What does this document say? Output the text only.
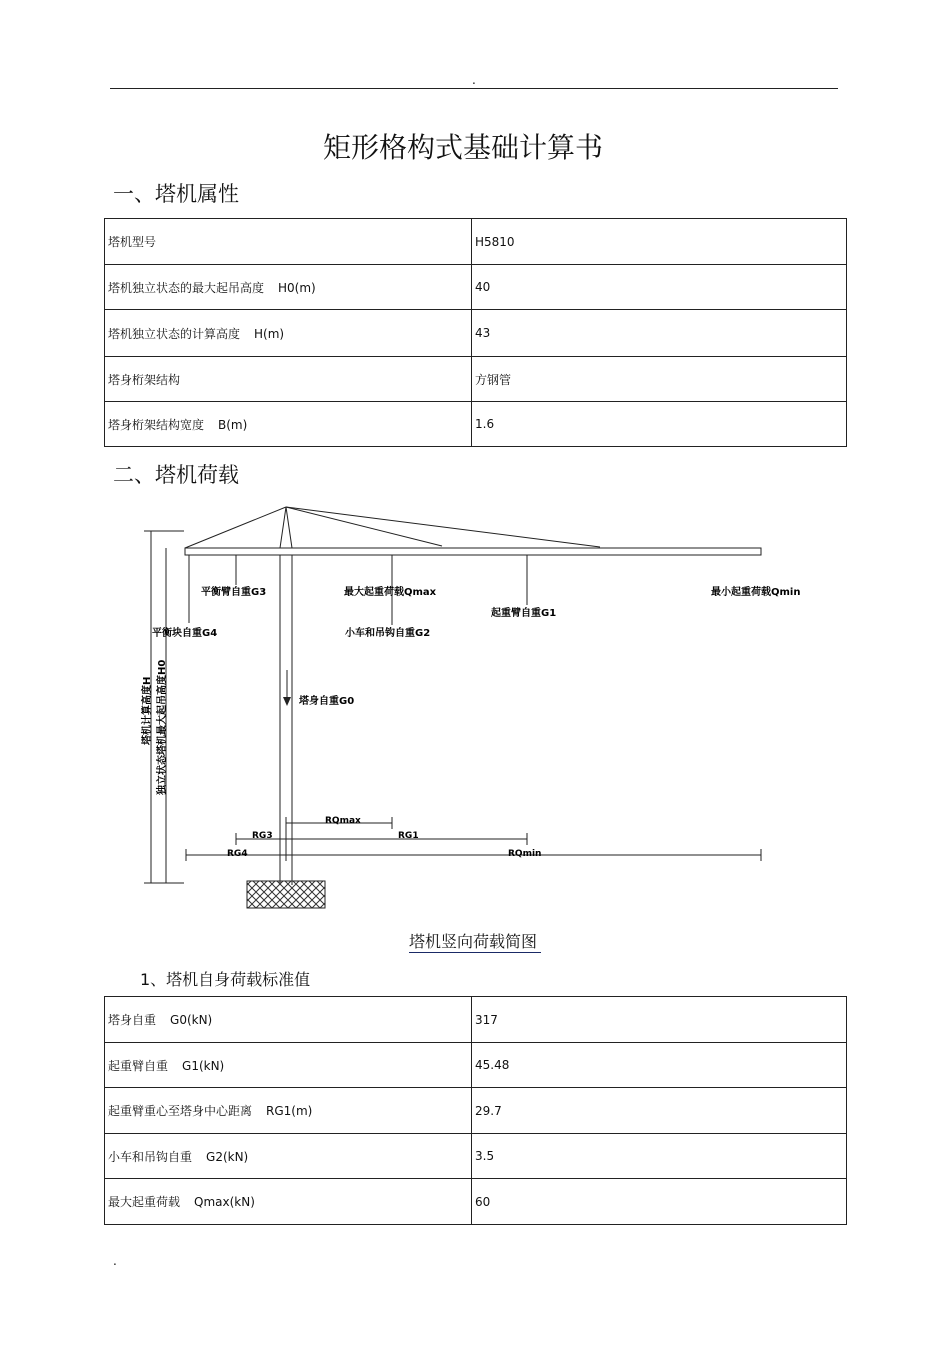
.
矩形格构式基础计算书
一、塔机属性
塔机型号	H5810
塔机独立状态的最大起吊高度 H0(m)	40
塔机独立状态的计算高度 H(m)	43
塔身桁架结构	方钢管
塔身桁架结构宽度 B(m)	1.6
二、塔机荷载
平衡臂自重G3	最大起重荷载Qmax
起重臂自重G1
最小起重荷载Qmin
平衡块自重G4	小车和吊钩自重G2
塔身自重G0
塔机计算高度H 独立状态塔机最大起吊高度H0
RQmax
RG3	RG1
RG4	RQmin
塔机竖向荷载简图
1、塔机自身荷载标准值
塔身自重 G0(kN)	317
起重臂自重 G1(kN)	45.48
起重臂重心至塔身中心距离 RG1(m)	29.7
小车和吊钩自重 G2(kN)	3.5
最大起重荷载 Qmax(kN)	60
.
